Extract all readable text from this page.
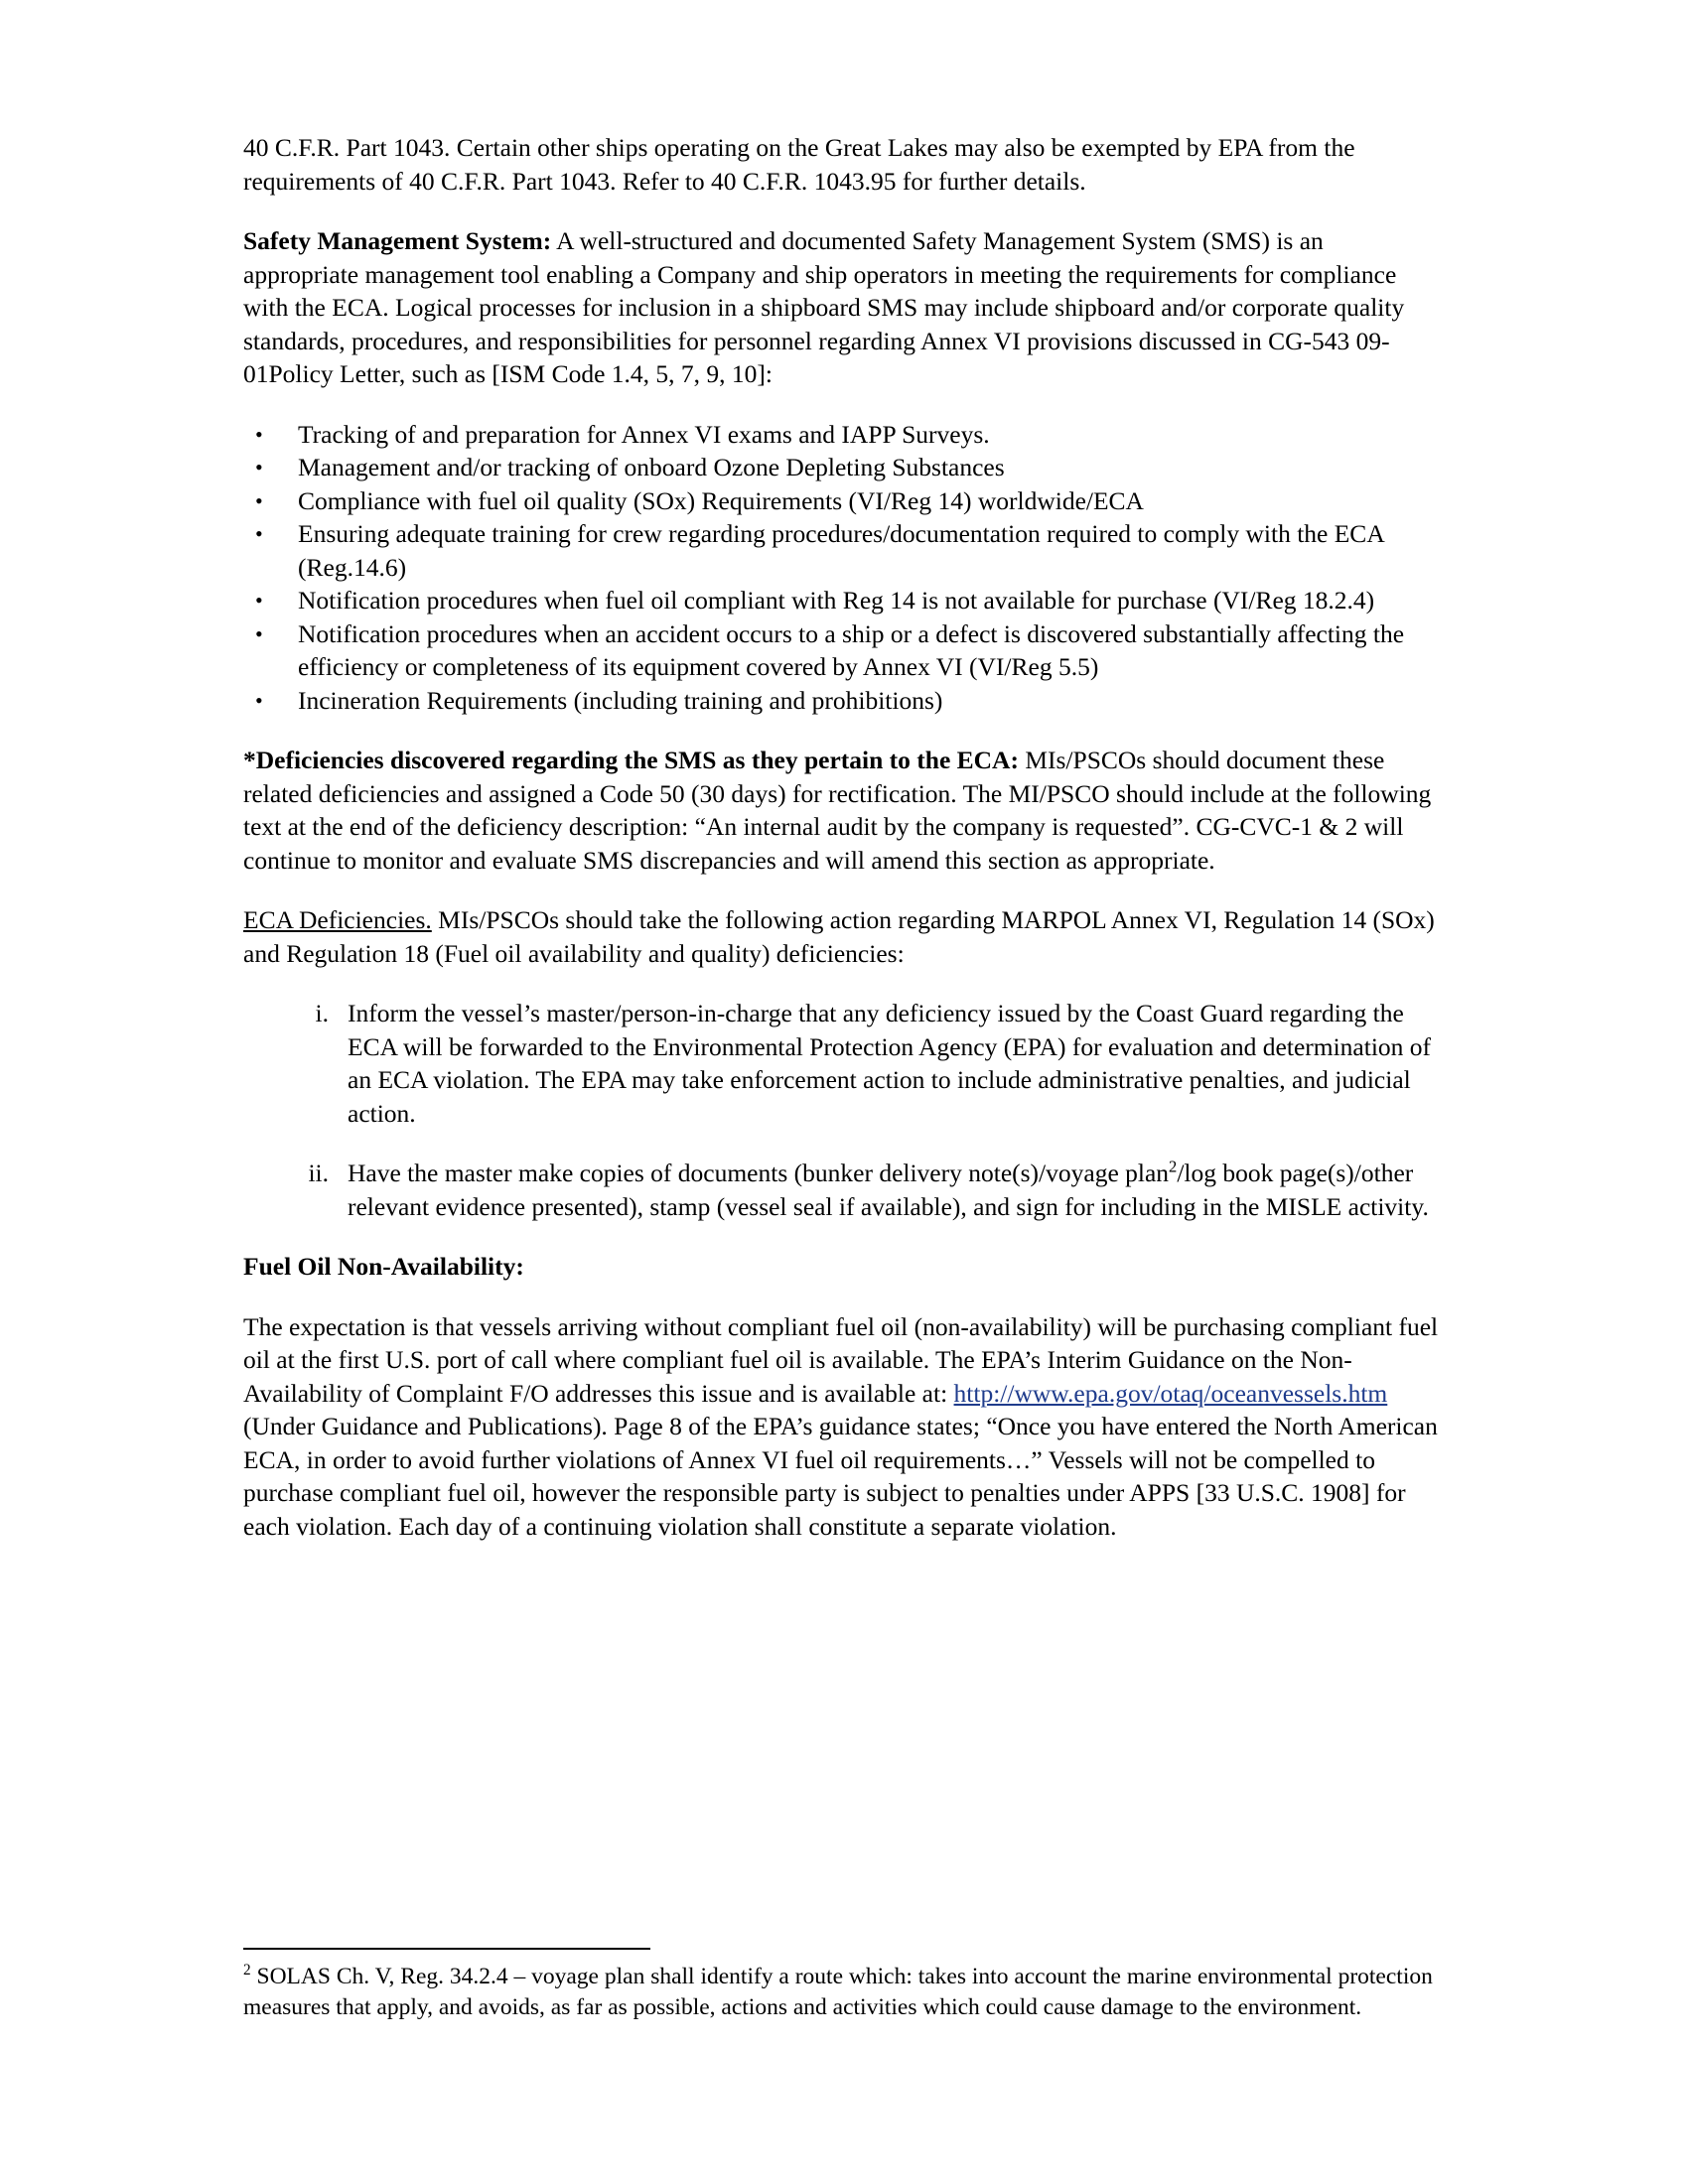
40 C.F.R. Part 1043. Certain other ships operating on the Great Lakes may also be exempted by EPA from the requirements of 40 C.F.R. Part 1043. Refer to 40 C.F.R. 1043.95 for further details.

Safety Management System: A well-structured and documented Safety Management System (SMS) is an appropriate management tool enabling a Company and ship operators in meeting the requirements for compliance with the ECA. Logical processes for inclusion in a shipboard SMS may include shipboard and/or corporate quality standards, procedures, and responsibilities for personnel regarding Annex VI provisions discussed in CG-543 09-01Policy Letter, such as [ISM Code 1.4, 5, 7, 9, 10]:

• Tracking of and preparation for Annex VI exams and IAPP Surveys.
• Management and/or tracking of onboard Ozone Depleting Substances
• Compliance with fuel oil quality (SOx) Requirements (VI/Reg 14) worldwide/ECA
• Ensuring adequate training for crew regarding procedures/documentation required to comply with the ECA (Reg.14.6)
• Notification procedures when fuel oil compliant with Reg 14 is not available for purchase (VI/Reg 18.2.4)
• Notification procedures when an accident occurs to a ship or a defect is discovered substantially affecting the efficiency or completeness of its equipment covered by Annex VI (VI/Reg 5.5)
• Incineration Requirements (including training and prohibitions)

*Deficiencies discovered regarding the SMS as they pertain to the ECA: MIs/PSCOs should document these related deficiencies and assigned a Code 50 (30 days) for rectification. The MI/PSCO should include at the following text at the end of the deficiency description: “An internal audit by the company is requested”. CG-CVC-1 & 2 will continue to monitor and evaluate SMS discrepancies and will amend this section as appropriate.

ECA Deficiencies. MIs/PSCOs should take the following action regarding MARPOL Annex VI, Regulation 14 (SOx) and Regulation 18 (Fuel oil availability and quality) deficiencies:

i. Inform the vessel’s master/person-in-charge that any deficiency issued by the Coast Guard regarding the ECA will be forwarded to the Environmental Protection Agency (EPA) for evaluation and determination of an ECA violation. The EPA may take enforcement action to include administrative penalties, and judicial action.
ii. Have the master make copies of documents (bunker delivery note(s)/voyage plan$^2$/log book page(s)/other relevant evidence presented), stamp (vessel seal if available), and sign for including in the MISLE activity.

Fuel Oil Non-Availability:

The expectation is that vessels arriving without compliant fuel oil (non-availability) will be purchasing compliant fuel oil at the first U.S. port of call where compliant fuel oil is available. The EPA’s Interim Guidance on the Non-Availability of Complaint F/O addresses this issue and is available at: http://www.epa.gov/otaq/oceanvessels.htm (Under Guidance and Publications). Page 8 of the EPA’s guidance states; “Once you have entered the North American ECA, in order to avoid further violations of Annex VI fuel oil requirements…” Vessels will not be compelled to purchase compliant fuel oil, however the responsible party is subject to penalties under APPS [33 U.S.C. 1908] for each violation. Each day of a continuing violation shall constitute a separate violation.

$^2$ SOLAS Ch. V, Reg. 34.2.4 – voyage plan shall identify a route which: takes into account the marine environmental protection measures that apply, and avoids, as far as possible, actions and activities which could cause damage to the environment.
